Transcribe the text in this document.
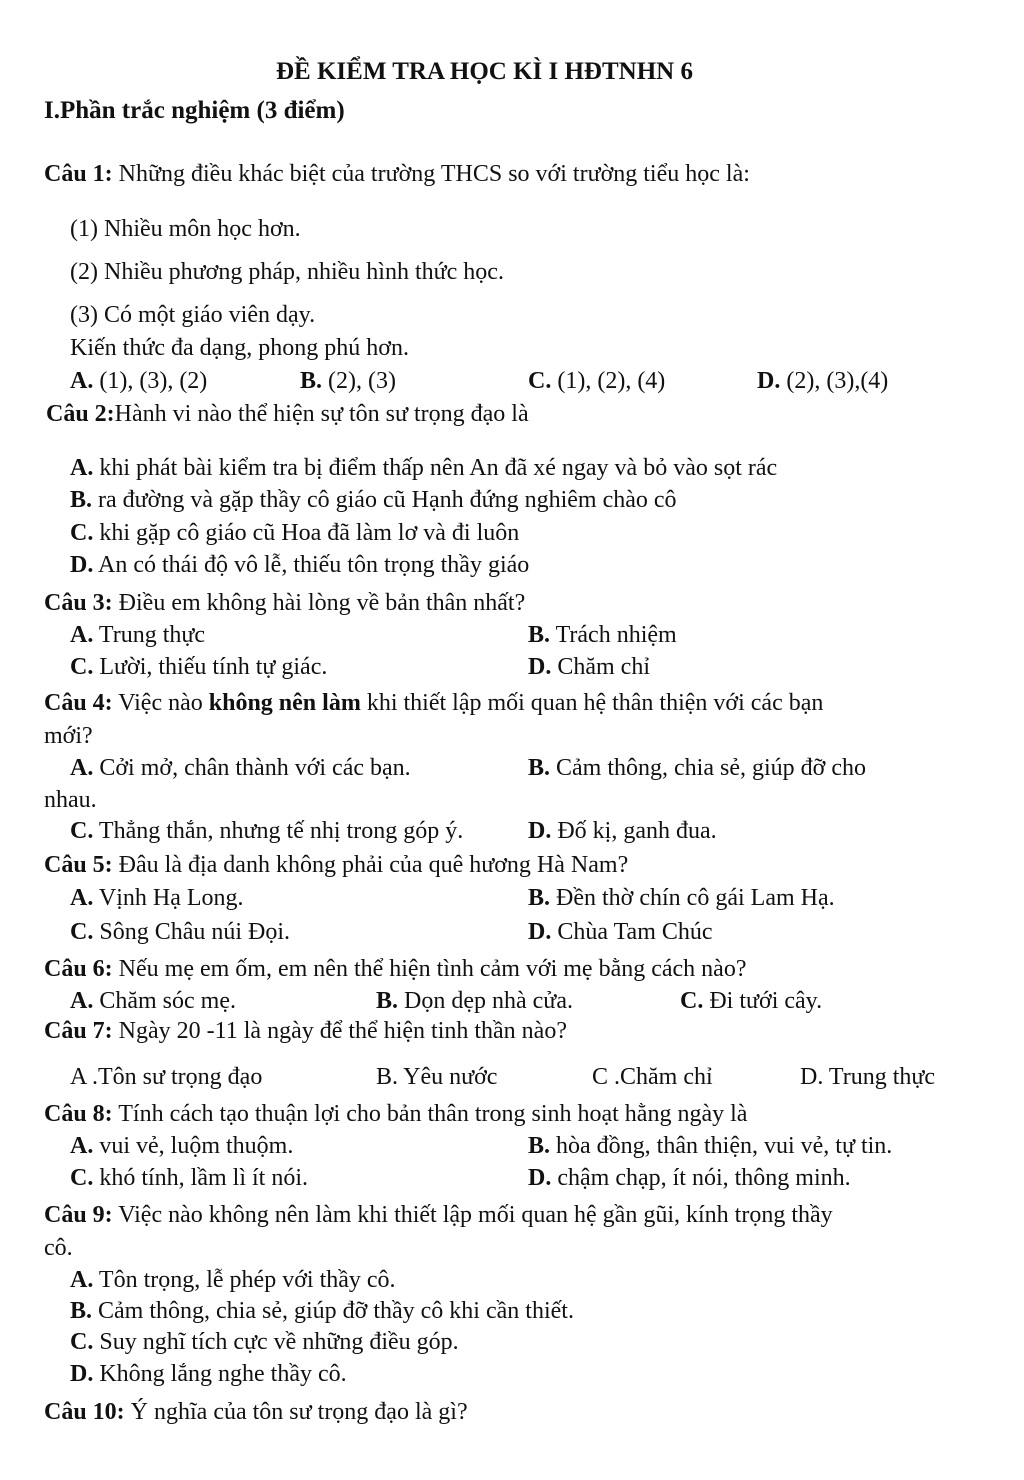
ĐỀ KIỂM TRA HỌC KÌ I HĐTNHN 6
I.Phần trắc nghiệm (3 điểm)
Câu 1: Những điều khác biệt của trường THCS so với trường tiểu học là:
(1) Nhiều môn học hơn.
(2) Nhiều phương pháp, nhiều hình thức học.
(3) Có một giáo viên dạy.
Kiến thức đa dạng, phong phú hơn.
A. (1), (3), (2)	B. (2), (3)	C. (1), (2), (4)	D. (2), (3),(4)
Câu 2:Hành vi nào thể hiện sự tôn sư trọng đạo là
A. khi phát bài kiểm tra bị điểm thấp nên An đã xé ngay và bỏ vào sọt rác
B. ra đường và gặp thầy cô giáo cũ Hạnh đứng nghiêm chào cô
C. khi gặp cô giáo cũ Hoa đã làm lơ và đi luôn
D. An có thái độ vô lễ, thiếu tôn trọng thầy giáo
Câu 3: Điều em không hài lòng về bản thân nhất?
A. Trung thực	B. Trách nhiệm
C. Lười, thiếu tính tự giác.	D. Chăm chỉ
Câu 4: Việc nào không nên làm khi thiết lập mối quan hệ thân thiện với các bạn
mới?
A. Cởi mở, chân thành với các bạn.	B. Cảm thông, chia sẻ, giúp đỡ cho
nhau.
C. Thẳng thắn, nhưng tế nhị trong góp ý.	D. Đố kị, ganh đua.
Câu 5: Đâu là địa danh không phải của quê hương Hà Nam?
A. Vịnh Hạ Long.	B. Đền thờ chín cô gái Lam Hạ.
C. Sông Châu núi Đọi.	D. Chùa Tam Chúc
Câu 6: Nếu mẹ em ốm, em nên thể hiện tình cảm với mẹ bằng cách nào?
A. Chăm sóc mẹ.	B. Dọn dẹp nhà cửa.	C. Đi tưới cây.
Câu 7: Ngày 20 -11 là ngày để thể hiện tinh thần nào?
A .Tôn sư trọng đạo	B. Yêu nước	C .Chăm chỉ	D. Trung thực
Câu 8: Tính cách tạo thuận lợi cho bản thân trong sinh hoạt hằng ngày là
A. vui vẻ, luộm thuộm.	B. hòa đồng, thân thiện, vui vẻ, tự tin.
C. khó tính, lầm lì ít nói.	D. chậm chạp, ít nói, thông minh.
Câu 9: Việc nào không nên làm khi thiết lập mối quan hệ gần gũi, kính trọng thầy
cô.
A. Tôn trọng, lễ phép với thầy cô.
B. Cảm thông, chia sẻ, giúp đỡ thầy cô khi cần thiết.
C. Suy nghĩ tích cực về những điều góp.
D. Không lắng nghe thầy cô.
Câu 10: Ý nghĩa của tôn sư trọng đạo là gì?
